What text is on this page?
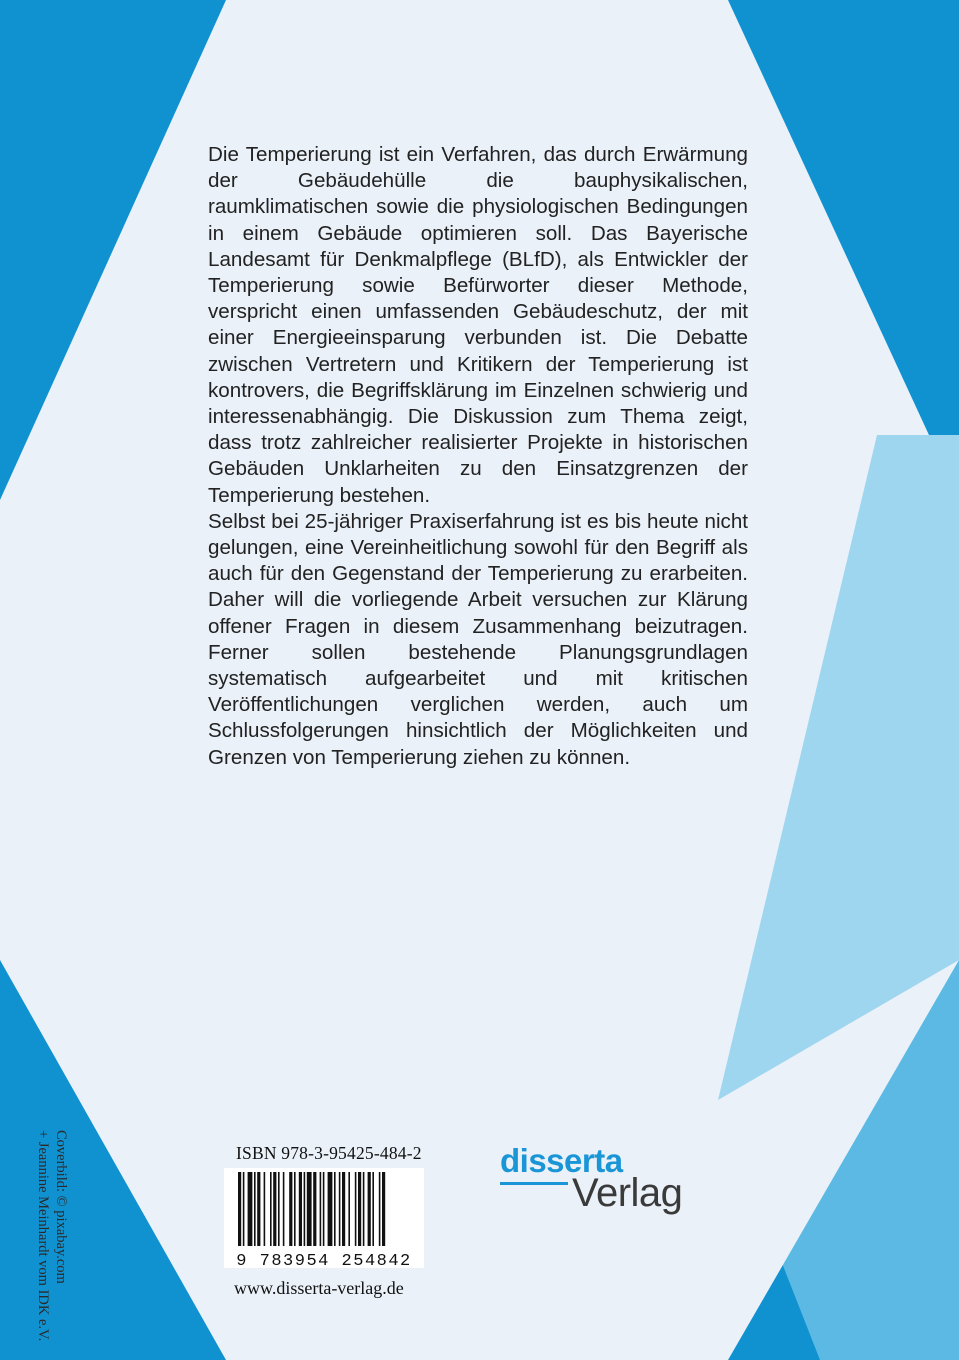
Die Temperierung ist ein Verfahren, das durch Erwärmung der Gebäudehülle die bauphysikalischen, raumklimatischen sowie die physiologischen Bedingungen in einem Gebäude optimieren soll. Das Bayerische Landesamt für Denkmalpflege (BLfD), als Entwickler der Temperierung sowie Befürworter dieser Methode, verspricht einen umfassenden Gebäudeschutz, der mit einer Energieeinsparung verbunden ist. Die Debatte zwischen Vertretern und Kritikern der Temperierung ist kontrovers, die Begriffsklärung im Einzelnen schwierig und interessenabhängig. Die Diskussion zum Thema zeigt, dass trotz zahlreicher realisierter Projekte in historischen Gebäuden Unklarheiten zu den Einsatzgrenzen der Temperierung bestehen.

Selbst bei 25-jähriger Praxiserfahrung ist es bis heute nicht gelungen, eine Vereinheitlichung sowohl für den Begriff als auch für den Gegenstand der Temperierung zu erarbeiten. Daher will die vorliegende Arbeit versuchen zur Klärung offener Fragen in diesem Zusammenhang beizutragen. Ferner sollen bestehende Planungsgrundlagen systematisch aufgearbeitet und mit kritischen Veröffentlichungen verglichen werden, auch um Schlussfolgerungen hinsichtlich der Möglichkeiten und Grenzen von Temperierung ziehen zu können.

Coverbild: © pixabay.com
+ Jeannine Meinhardt vom IDK e.V.	ISBN 978-3-95425-484-2
9 783954 254842
www.disserta-verlag.de
disserta
Verlag
